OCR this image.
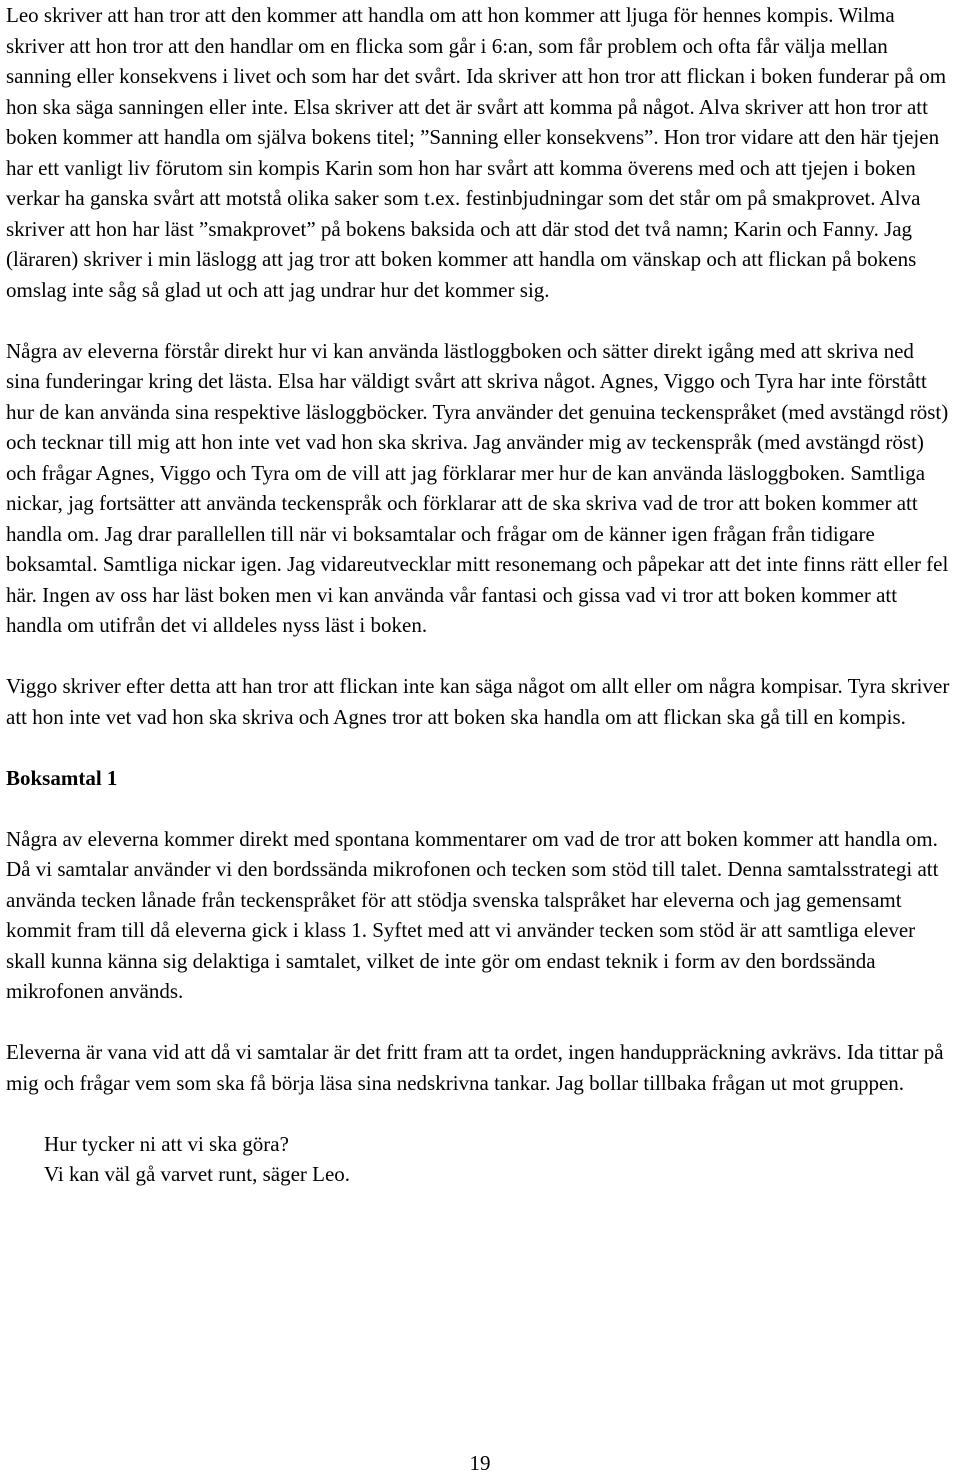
Leo skriver att han tror att den kommer att handla om att hon kommer att ljuga för hennes kompis. Wilma skriver att hon tror att den handlar om en flicka som går i 6:an, som får problem och ofta får välja mellan sanning eller konsekvens i livet och som har det svårt. Ida skriver att hon tror att flickan i boken funderar på om hon ska säga sanningen eller inte. Elsa skriver att det är svårt att komma på något. Alva skriver att hon tror att boken kommer att handla om själva bokens titel; ”Sanning eller konsekvens”. Hon tror vidare att den här tjejen har ett vanligt liv förutom sin kompis Karin som hon har svårt att komma överens med och att tjejen i boken verkar ha ganska svårt att motstå olika saker som t.ex. festinbjudningar som det står om på smakprovet. Alva skriver att hon har läst ”smakprovet” på bokens baksida och att där stod det två namn; Karin och Fanny. Jag (läraren) skriver i min läslogg att jag tror att boken kommer att handla om vänskap och att flickan på bokens omslag inte såg så glad ut och att jag undrar hur det kommer sig.

Några av eleverna förstår direkt hur vi kan använda lästloggboken och sätter direkt igång med att skriva ned sina funderingar kring det lästa. Elsa har väldigt svårt att skriva något. Agnes, Viggo och Tyra har inte förstått hur de kan använda sina respektive läsloggböcker. Tyra använder det genuina teckenspråket (med avstängd röst) och tecknar till mig att hon inte vet vad hon ska skriva. Jag använder mig av teckenspråk (med avstängd röst) och frågar Agnes, Viggo och Tyra om de vill att jag förklarar mer hur de kan använda läsloggboken. Samtliga nickar, jag fortsätter att använda teckenspråk och förklarar att de ska skriva vad de tror att boken kommer att handla om. Jag drar parallellen till när vi boksamtalar och frågar om de känner igen frågan från tidigare boksamtal. Samtliga nickar igen. Jag vidareutvecklar mitt resonemang och påpekar att det inte finns rätt eller fel här. Ingen av oss har läst boken men vi kan använda vår fantasi och gissa vad vi tror att boken kommer att handla om utifrån det vi alldeles nyss läst i boken.

Viggo skriver efter detta att han tror att flickan inte kan säga något om allt eller om några kompisar. Tyra skriver att hon inte vet vad hon ska skriva och Agnes tror att boken ska handla om att flickan ska gå till en kompis.

Boksamtal 1

Några av eleverna kommer direkt med spontana kommentarer om vad de tror att boken kommer att handla om. Då vi samtalar använder vi den bordssända mikrofonen och tecken som stöd till talet. Denna samtalsstrategi att använda tecken lånade från teckenspråket för att stödja svenska talspråket har eleverna och jag gemensamt kommit fram till då eleverna gick i klass 1. Syftet med att vi använder tecken som stöd är att samtliga elever skall kunna känna sig delaktiga i samtalet, vilket de inte gör om endast teknik i form av den bordssända mikrofonen används.

Eleverna är vana vid att då vi samtalar är det fritt fram att ta ordet, ingen handuppräckning avkrävs. Ida tittar på mig och frågar vem som ska få börja läsa sina nedskrivna tankar. Jag bollar tillbaka frågan ut mot gruppen.

Hur tycker ni att vi ska göra?

Vi kan väl gå varvet runt, säger Leo.

19
